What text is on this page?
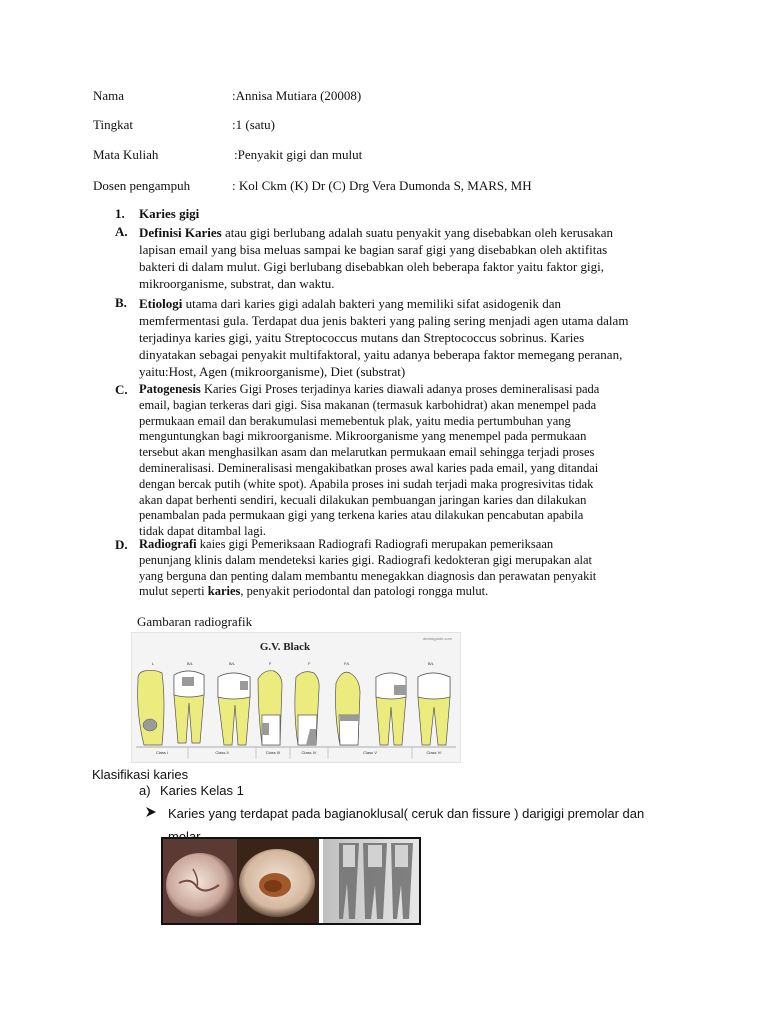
Nama	:Annisa Mutiara (20008)
Tingkat	:1 (satu)
Mata Kuliah	:Penyakit gigi dan mulut
Dosen pengampuh	: Kol Ckm (K) Dr (C) Drg Vera Dumonda S, MARS, MH
1. Karies gigi
A. Definisi Karies atau gigi berlubang adalah suatu penyakit yang disebabkan oleh kerusakan
lapisan email yang bisa meluas sampai ke bagian saraf gigi yang disebabkan oleh aktifitas
bakteri di dalam mulut. Gigi berlubang disebabkan oleh beberapa faktor yaitu faktor gigi,
mikroorganisme, substrat, dan waktu.
B. Etiologi utama dari karies gigi adalah bakteri yang memiliki sifat asidogenik dan
memfermentasi gula. Terdapat dua jenis bakteri yang paling sering menjadi agen utama dalam
terjadinya karies gigi, yaitu Streptococcus mutans dan Streptococcus sobrinus. Karies
dinyatakan sebagai penyakit multifaktoral, yaitu adanya beberapa faktor memegang peranan,
yaitu:Host, Agen (mikroorganisme), Diet (substrat)
C. Patogenesis Karies Gigi Proses terjadinya karies diawali adanya proses demineralisasi pada
email, bagian terkeras dari gigi. Sisa makanan (termasuk karbohidrat) akan menempel pada
permukaan email dan berakumulasi memebentuk plak, yaitu media pertumbuhan yang
menguntungkan bagi mikroorganisme. Mikroorganisme yang menempel pada permukaan
tersebut akan menghasilkan asam dan melarutkan permukaan email sehingga terjadi proses
demineralisasi. Demineralisasi mengakibatkan proses awal karies pada email, yang ditandai
dengan bercak putih (white spot). Apabila proses ini sudah terjadi maka progresivitas tidak
akan dapat berhenti sendiri, kecuali dilakukan pembuangan jaringan karies dan dilakukan
penambalan pada permukaan gigi yang terkena karies atau dilakukan pencabutan apabila
tidak dapat ditambal lagi.
D. Radiografi kaies gigi Pemeriksaan Radiografi Radiografi merupakan pemeriksaan
penunjang klinis dalam mendeteksi karies gigi. Radiografi kedokteran gigi merupakan alat
yang berguna dan penting dalam membantu menegakkan diagnosis dan perawatan penyakit
mulut seperti karies, penyakit periodontal dan patologi rongga mulut.
Gambaran radiografik
G.V. Black
dentalguide.com
L	B/L	B/L	F	F	F/L	B/L
Class I	Class II	Class III	Class IV	Class V	Class VI
Klasifikasi karies
a) Karies Kelas 1
Karies yang terdapat pada bagianoklusal( ceruk dan fissure ) darigigi premolar dan
